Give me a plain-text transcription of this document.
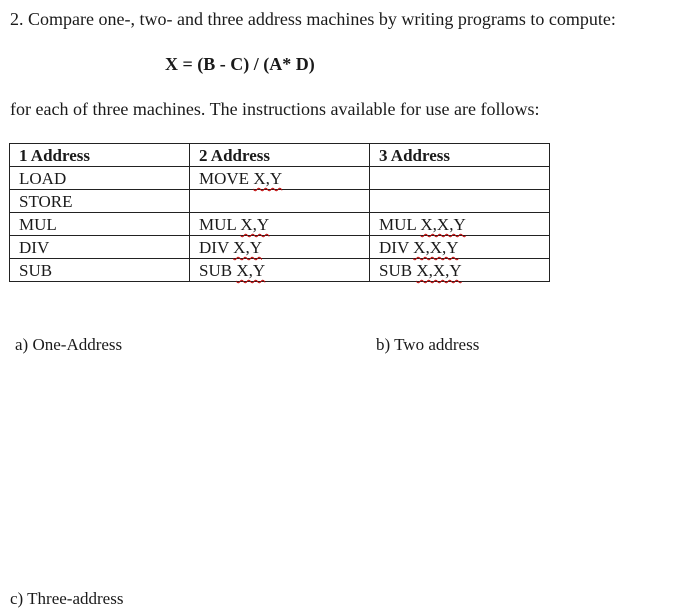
2. Compare one-, two- and three address machines by writing programs to compute:
X = (B - C) / (A* D)
for each of three machines. The instructions available for use are follows:
1 Address	2 Address	3 Address
LOAD	MOVE X,Y	
STORE		
MUL	MUL X,Y	MUL X,X,Y
DIV	DIV X,Y	DIV X,X,Y
SUB	SUB X,Y	SUB X,X,Y
a) One-Address	b) Two address
c) Three-address
